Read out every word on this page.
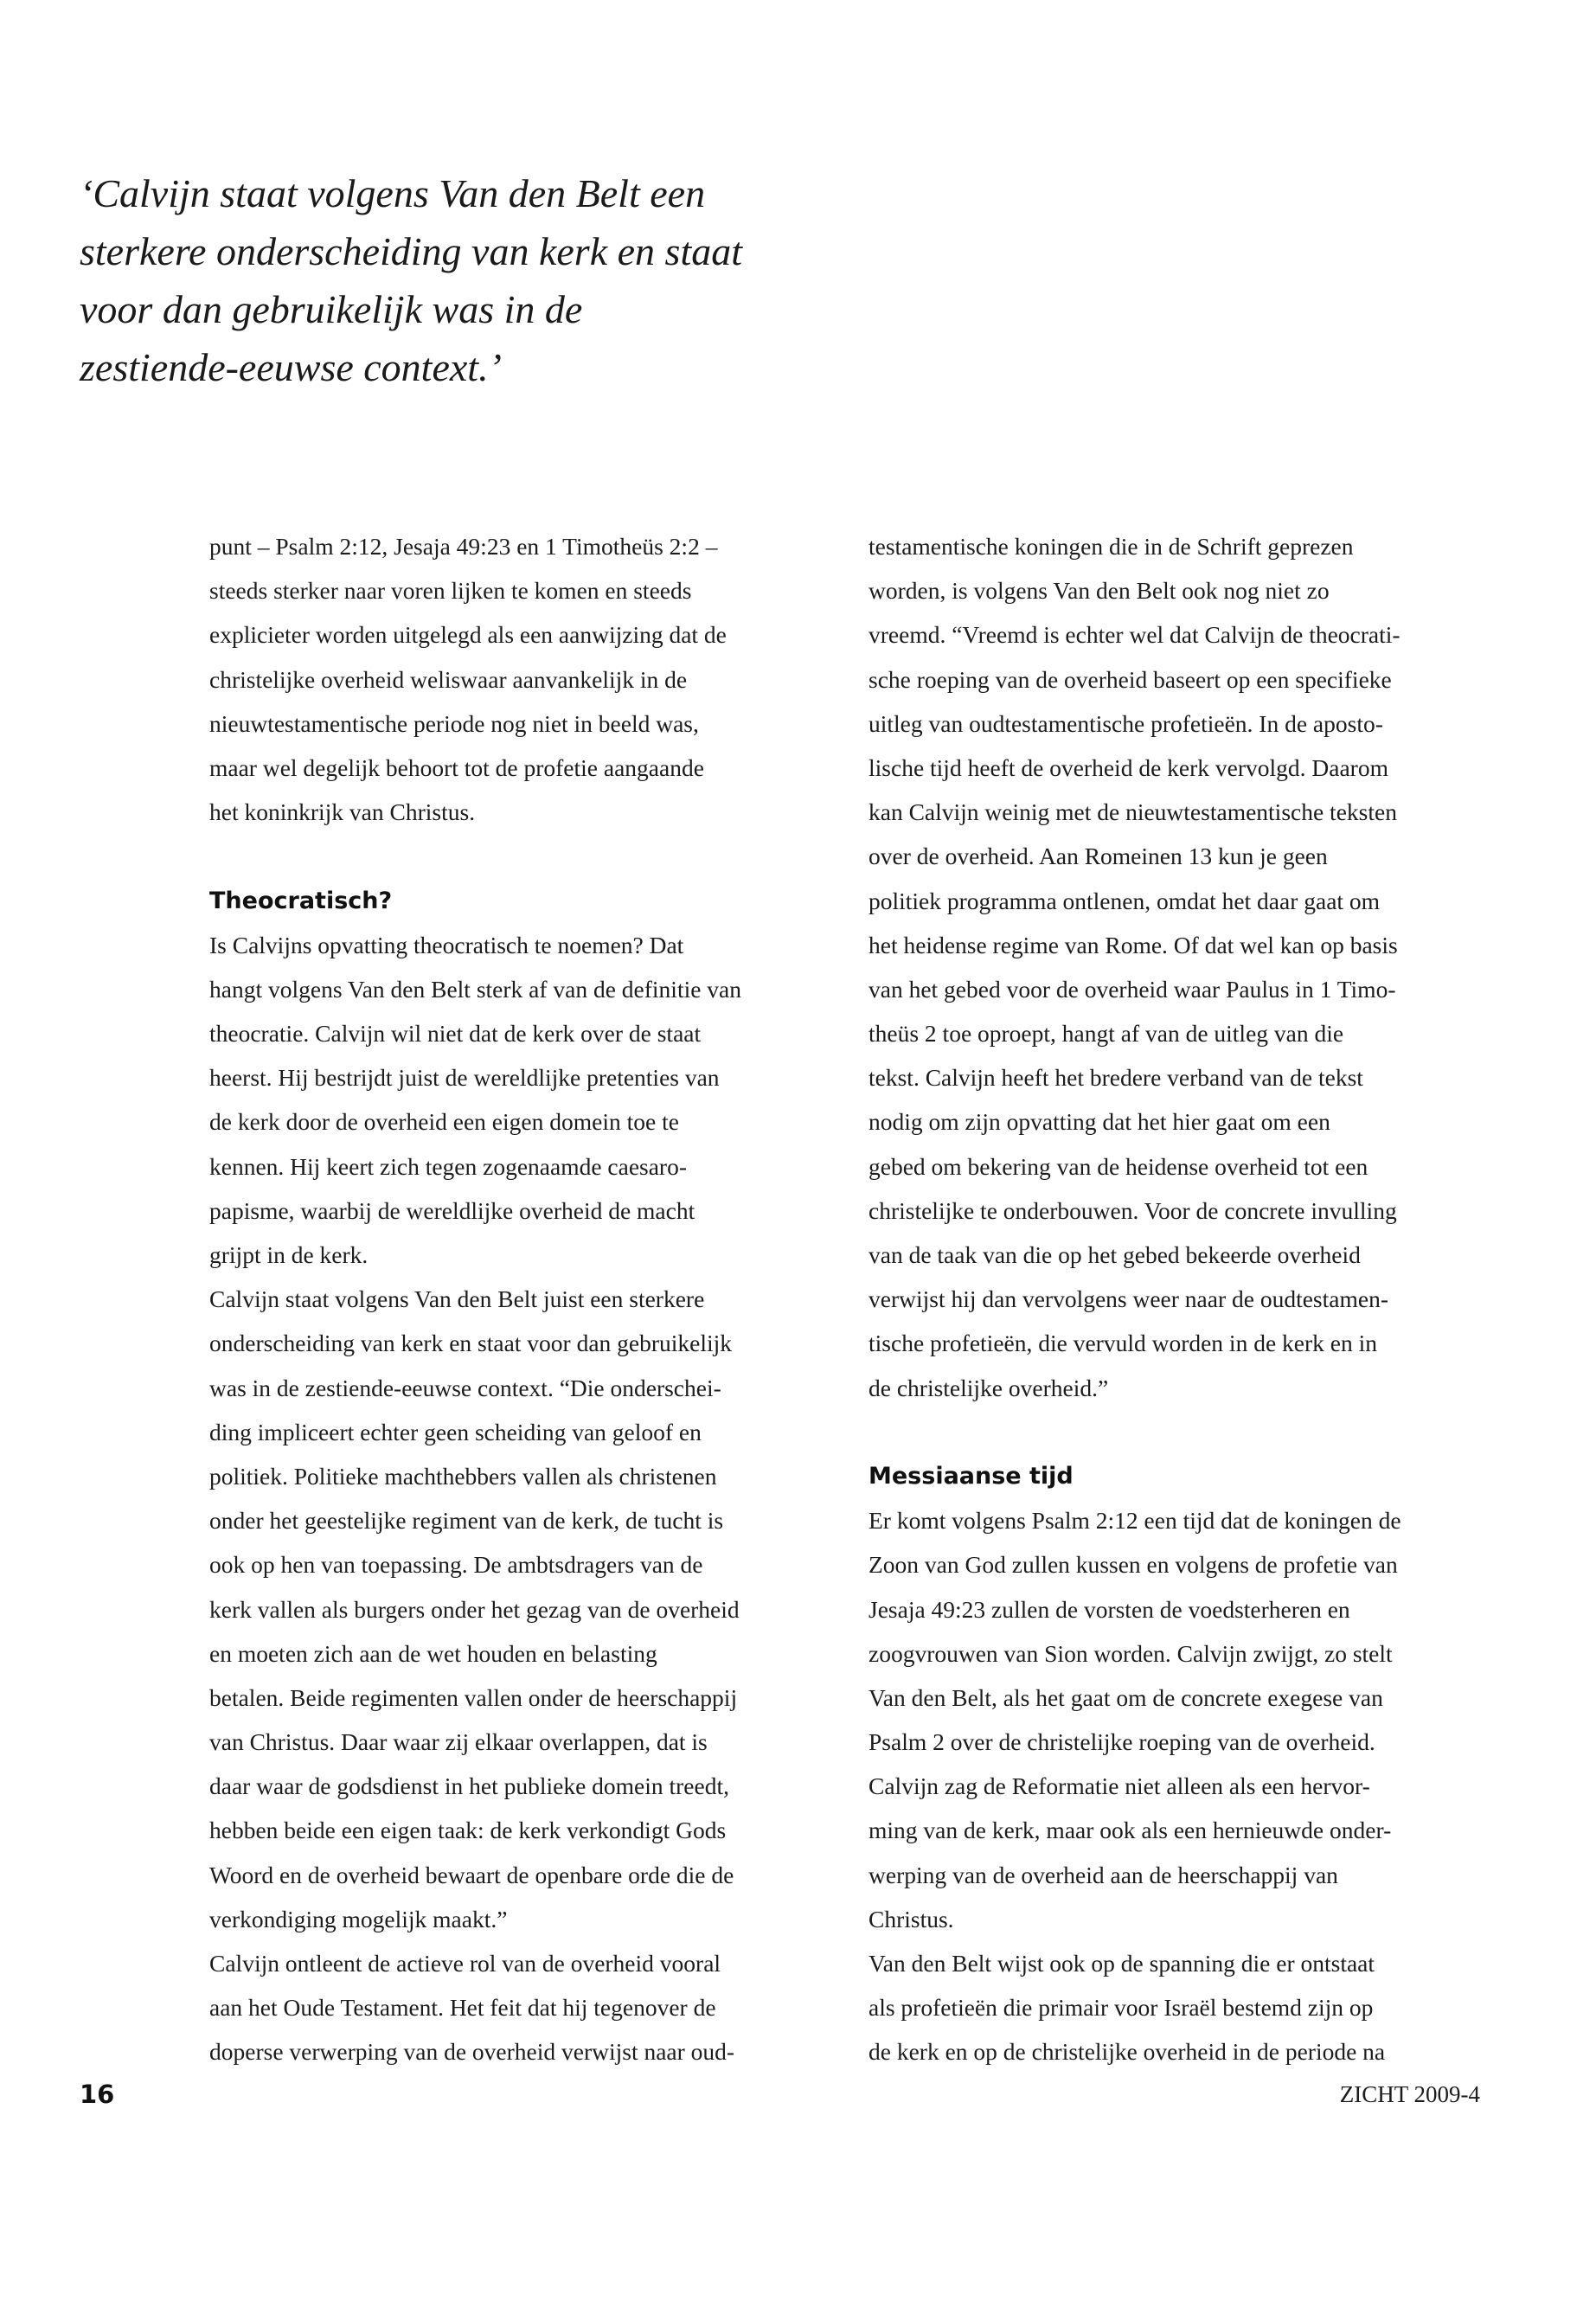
‘Calvijn staat volgens Van den Belt een

sterkere onderscheiding van kerk en staat

voor dan gebruikelijk was in de

zestiende-eeuwse context.’

punt – Psalm 2:12, Jesaja 49:23 en 1 Timotheüs 2:2 –
steeds sterker naar voren lijken te komen en steeds
explicieter worden uitgelegd als een aanwijzing dat de
christelijke overheid weliswaar aanvankelijk in de
nieuwtestamentische periode nog niet in beeld was,
maar wel degelijk behoort tot de profetie aangaande
het koninkrijk van Christus.
Theocratisch?
Is Calvijns opvatting theocratisch te noemen? Dat
hangt volgens Van den Belt sterk af van de definitie van
theocratie. Calvijn wil niet dat de kerk over de staat
heerst. Hij bestrijdt juist de wereldlijke pretenties van
de kerk door de overheid een eigen domein toe te
kennen. Hij keert zich tegen zogenaamde caesaro-
papisme, waarbij de wereldlijke overheid de macht
grijpt in de kerk.
Calvijn staat volgens Van den Belt juist een sterkere
onderscheiding van kerk en staat voor dan gebruikelijk
was in de zestiende-eeuwse context. “Die onderschei-
ding impliceert echter geen scheiding van geloof en
politiek. Politieke machthebbers vallen als christenen
onder het geestelijke regiment van de kerk, de tucht is
ook op hen van toepassing. De ambtsdragers van de
kerk vallen als burgers onder het gezag van de overheid
en moeten zich aan de wet houden en belasting
betalen. Beide regimenten vallen onder de heerschappij
van Christus. Daar waar zij elkaar overlappen, dat is
daar waar de godsdienst in het publieke domein treedt,
hebben beide een eigen taak: de kerk verkondigt Gods
Woord en de overheid bewaart de openbare orde die de
verkondiging mogelijk maakt.”
Calvijn ontleent de actieve rol van de overheid vooral
aan het Oude Testament. Het feit dat hij tegenover de
doperse verwerping van de overheid verwijst naar oud-
testamentische koningen die in de Schrift geprezen
worden, is volgens Van den Belt ook nog niet zo
vreemd. “Vreemd is echter wel dat Calvijn de theocrati-
sche roeping van de overheid baseert op een specifieke
uitleg van oudtestamentische profetieën. In de aposto-
lische tijd heeft de overheid de kerk vervolgd. Daarom
kan Calvijn weinig met de nieuwtestamentische teksten
over de overheid. Aan Romeinen 13 kun je geen
politiek programma ontlenen, omdat het daar gaat om
het heidense regime van Rome. Of dat wel kan op basis
van het gebed voor de overheid waar Paulus in 1 Timo-
theüs 2 toe oproept, hangt af van de uitleg van die
tekst. Calvijn heeft het bredere verband van de tekst
nodig om zijn opvatting dat het hier gaat om een
gebed om bekering van de heidense overheid tot een
christelijke te onderbouwen. Voor de concrete invulling
van de taak van die op het gebed bekeerde overheid
verwijst hij dan vervolgens weer naar de oudtestamen-
tische profetieën, die vervuld worden in de kerk en in
de christelijke overheid.”
Messiaanse tijd
Er komt volgens Psalm 2:12 een tijd dat de koningen de
Zoon van God zullen kussen en volgens de profetie van
Jesaja 49:23 zullen de vorsten de voedsterheren en
zoogvrouwen van Sion worden. Calvijn zwijgt, zo stelt
Van den Belt, als het gaat om de concrete exegese van
Psalm 2 over de christelijke roeping van de overheid.
Calvijn zag de Reformatie niet alleen als een hervor-
ming van de kerk, maar ook als een hernieuwde onder-
werping van de overheid aan de heerschappij van
Christus.
Van den Belt wijst ook op de spanning die er ontstaat
als profetieën die primair voor Israël bestemd zijn op
de kerk en op de christelijke overheid in de periode na
16	ZICHT 2009-4
